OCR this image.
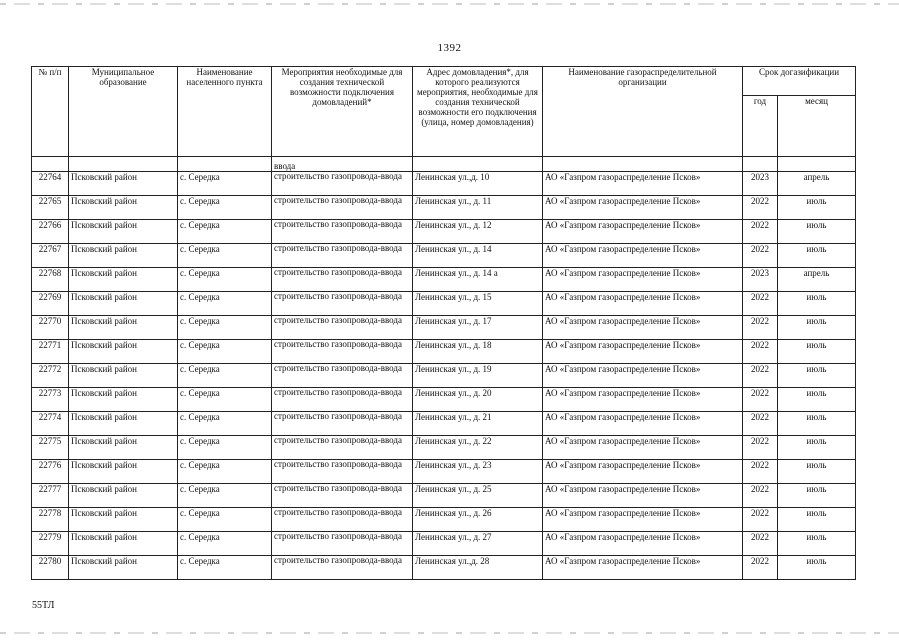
1392
№ п/п	Муниципальное образование	Наименование населенного пункта	Мероприятия необходимые для создания технической возможности подключения домовладений*	Адрес домовладения*, для которого реализуются мероприятия, необходимые для создания технической возможности его подключения (улица, номер домовладения)	Наименование газораспределительной организации	Срок догазификации	
						год	месяц
			ввода				
22764	Псковский район	с. Середка	строительство газопровода-ввода	Ленинская ул.,д. 10	АО «Газпром газораспределение Псков»	2023	апрель
22765	Псковский район	с. Середка	строительство газопровода-ввода	Ленинская ул., д. 11	АО «Газпром газораспределение Псков»	2022	июль
22766	Псковский район	с. Середка	строительство газопровода-ввода	Ленинская ул., д. 12	АО «Газпром газораспределение Псков»	2022	июль
22767	Псковский район	с. Середка	строительство газопровода-ввода	Ленинская ул., д. 14	АО «Газпром газораспределение Псков»	2022	июль
22768	Псковский район	с. Середка	строительство газопровода-ввода	Ленинская ул., д. 14 а	АО «Газпром газораспределение Псков»	2023	апрель
22769	Псковский район	с. Середка	строительство газопровода-ввода	Ленинская ул., д. 15	АО «Газпром газораспределение Псков»	2022	июль
22770	Псковский район	с. Середка	строительство газопровода-ввода	Ленинская ул., д. 17	АО «Газпром газораспределение Псков»	2022	июль
22771	Псковский район	с. Середка	строительство газопровода-ввода	Ленинская ул., д. 18	АО «Газпром газораспределение Псков»	2022	июль
22772	Псковский район	с. Середка	строительство газопровода-ввода	Ленинская ул., д. 19	АО «Газпром газораспределение Псков»	2022	июль
22773	Псковский район	с. Середка	строительство газопровода-ввода	Ленинская ул., д. 20	АО «Газпром газораспределение Псков»	2022	июль
22774	Псковский район	с. Середка	строительство газопровода-ввода	Ленинская ул., д. 21	АО «Газпром газораспределение Псков»	2022	июль
22775	Псковский район	с. Середка	строительство газопровода-ввода	Ленинская ул., д. 22	АО «Газпром газораспределение Псков»	2022	июль
22776	Псковский район	с. Середка	строительство газопровода-ввода	Ленинская ул., д. 23	АО «Газпром газораспределение Псков»	2022	июль
22777	Псковский район	с. Середка	строительство газопровода-ввода	Ленинская ул., д. 25	АО «Газпром газораспределение Псков»	2022	июль
22778	Псковский район	с. Середка	строительство газопровода-ввода	Ленинская ул., д. 26	АО «Газпром газораспределение Псков»	2022	июль
22779	Псковский район	с. Середка	строительство газопровода-ввода	Ленинская ул., д. 27	АО «Газпром газораспределение Псков»	2022	июль
22780	Псковский район	с. Середка	строительство газопровода-ввода	Ленинская ул.,д. 28	АО «Газпром газораспределение Псков»	2022	июль
55ТЛ
